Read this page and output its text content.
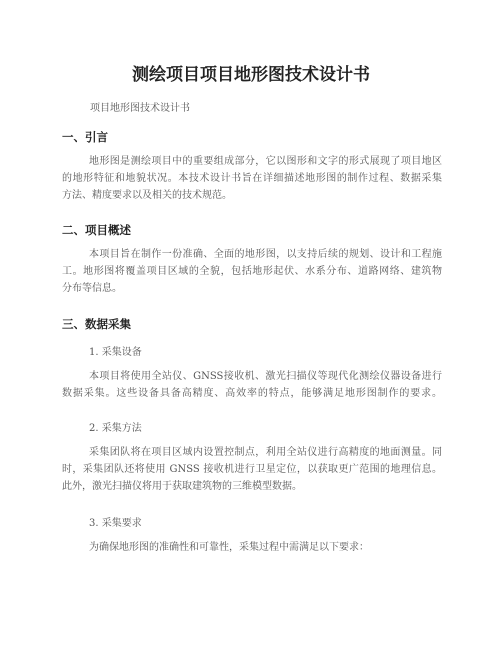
测绘项目项目地形图技术设计书

项目地形图技术设计书

一、引言

地形图是测绘项目中的重要组成部分，它以图形和文字的形式展现了项目地区
的地形特征和地貌状况。本技术设计书旨在详细描述地形图的制作过程、数据采集
方法、精度要求以及相关的技术规范。

二、项目概述

本项目旨在制作一份准确、全面的地形图，以支持后续的规划、设计和工程施
工。地形图将覆盖项目区域的全貌，包括地形起伏、水系分布、道路网络、建筑物
分布等信息。

三、数据采集

1. 采集设备

本项目将使用全站仪、GNSS接收机、激光扫描仪等现代化测绘仪器设备进行
数据采集。这些设备具备高精度、高效率的特点，能够满足地形图制作的要求。

2. 采集方法

采集团队将在项目区域内设置控制点，利用全站仪进行高精度的地面测量。同
时，采集团队还将使用 GNSS 接收机进行卫星定位，以获取更广范围的地理信息。
此外，激光扫描仪将用于获取建筑物的三维模型数据。

3. 采集要求

为确保地形图的准确性和可靠性，采集过程中需满足以下要求：
